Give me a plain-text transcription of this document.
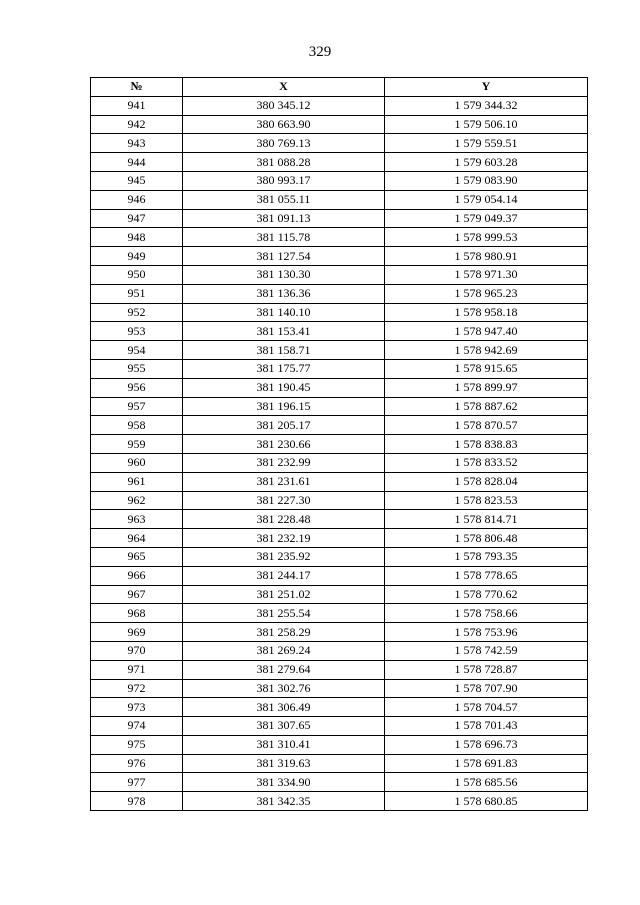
329
№	X	Y
941	380 345.12	1 579 344.32
942	380 663.90	1 579 506.10
943	380 769.13	1 579 559.51
944	381 088.28	1 579 603.28
945	380 993.17	1 579 083.90
946	381 055.11	1 579 054.14
947	381 091.13	1 579 049.37
948	381 115.78	1 578 999.53
949	381 127.54	1 578 980.91
950	381 130.30	1 578 971.30
951	381 136.36	1 578 965.23
952	381 140.10	1 578 958.18
953	381 153.41	1 578 947.40
954	381 158.71	1 578 942.69
955	381 175.77	1 578 915.65
956	381 190.45	1 578 899.97
957	381 196.15	1 578 887.62
958	381 205.17	1 578 870.57
959	381 230.66	1 578 838.83
960	381 232.99	1 578 833.52
961	381 231.61	1 578 828.04
962	381 227.30	1 578 823.53
963	381 228.48	1 578 814.71
964	381 232.19	1 578 806.48
965	381 235.92	1 578 793.35
966	381 244.17	1 578 778.65
967	381 251.02	1 578 770.62
968	381 255.54	1 578 758.66
969	381 258.29	1 578 753.96
970	381 269.24	1 578 742.59
971	381 279.64	1 578 728.87
972	381 302.76	1 578 707.90
973	381 306.49	1 578 704.57
974	381 307.65	1 578 701.43
975	381 310.41	1 578 696.73
976	381 319.63	1 578 691.83
977	381 334.90	1 578 685.56
978	381 342.35	1 578 680.85
